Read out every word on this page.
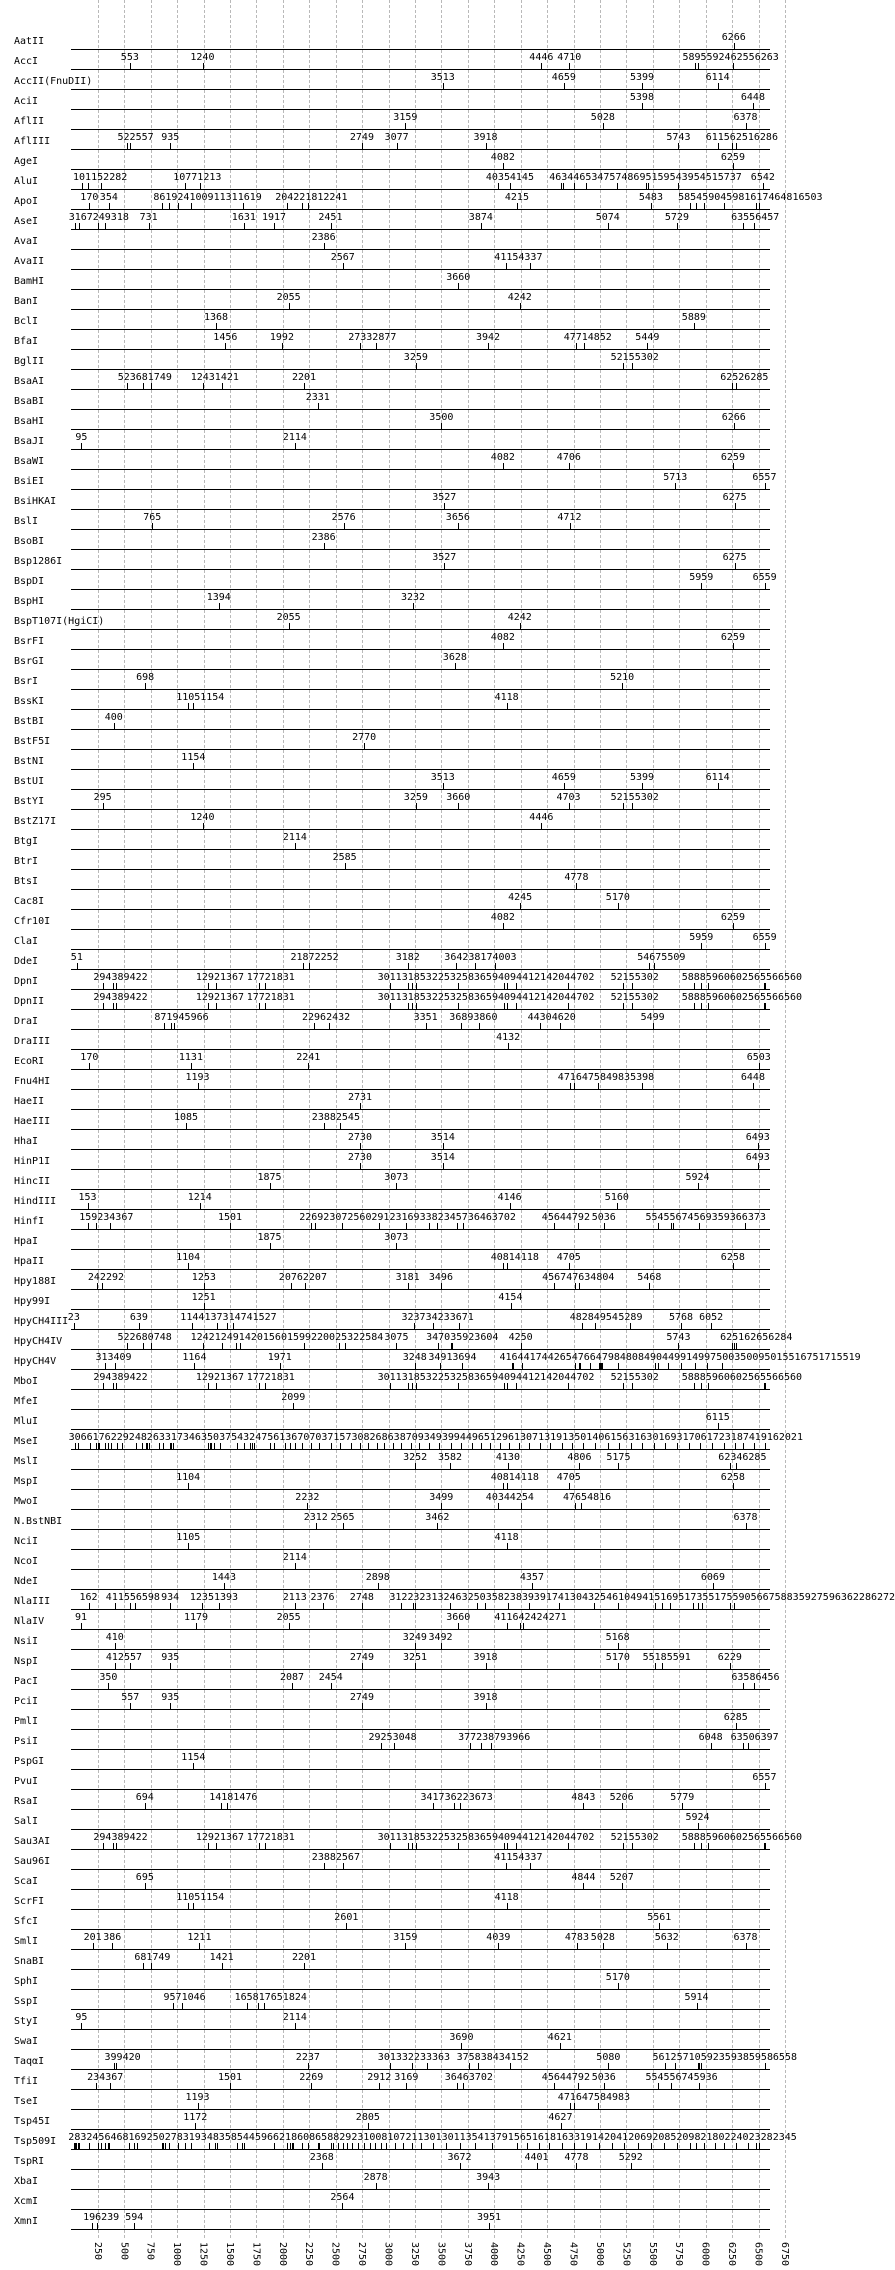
AatII	6266
AccI	553	1240	4446 4710	5895 5924 6255 6263
AccII(FnuDII)	3513	4659	5399	6114
AciI	5398	6448
AflII	3159	5028	6378
AflIII	522 557 935	2749 3077	3918	5743 6115 6251 6286
AgeI	4082	6259
AluI	101 152 282	1077 1213	4035 4145 4634 4653 4757 4869 5159 5439 5451 5737 6542
ApoI	170 354	861 924 1009 1131 1619 2042 2181 2241	4215	5483 5854 5904 5981 6174 6481 6503
AseI	31 67 249 318 731	1631 1917	2451	3874	5074	5729	6355 6457
AvaI	2386
AvaII	2567	4115 4337
BamHI	3660
BanI	2055	4242
BclI	1368	5889
BfaI	1456	1992	2733 2877	3942	4771 4852 5449
BglII	3259	5215 5302
BsaAI	523 681 749 1243 1421	2201	6252 6285
BsaBI	2331
BsaHI	3500	6266
BsaJI	95	2114
BsaWI	4082	4706	6259
BsiEI	5713	6557
BsiHKAI	3527	6275
BslI	765	2576	3656	4712
BsoBI	2386
Bsp1286I	3527	6275
BspDI	5959	6559
BspHI	1394	3232
BspT107I(HgiCI)	2055	4242
BsrFI	4082	6259
BsrGI	3628
BsrI	698	5210
BssKI	1105 1154	4118
BstBI	400
BstF5I	2770
BstNI	1154
BstUI	3513	4659	5399	6114
BstYI	295	3259 3660	4703	5215 5302
BstZ17I	1240	4446
BtgI	2114
BtrI	2585
BtsI	4778
Cac8I	4245	5170
Cfr10I	4082	6259
ClaI	5959	6559
DdeI	51	2187 2252	3182 3642 3817 4003	5467 5509
DpnI	294 389 422	1292 1367 1772 1831	3011 3185 3225 3258 3659 4094 4121 4204 4702 5215 5302 5888 5960 6025 6556 6560
DpnII	294 389 422	1292 1367 1772 1831	3011 3185 3225 3258 3659 4094 4121 4204 4702 5215 5302 5888 5960 6025 6556 6560
DraI	871 945 966	2296 2432	3351 3689 3860	4430 4620	5499
DraIII	4132
EcoRI	170	1131	2241	6503
Fnu4HI	1193	4716 4758 4983 5398	6448
HaeII	2731
HaeIII	1085	2388 2545
HhaI	2730	3514	6493
HinP1I	2730	3514	6493
HincII	1875	3073	5924
HindIII 153	1214	4146	5160
HinfI	159 234 367	1501	2269 2307 2560 2912 3169 3382 3457 3646 3702	4564 4792 5036	5545 5674 5693 5936 6373
HpaI	1875	3073
HpaII	1104	4081 4118 4705	6258
Hpy188I	242 292	1253	2076 2207	3181 3496	4567 4763 4804 5468
Hpy99I	1251	4154
HpyCH4III 23	639	1144 1373 1474 1527	3237 3423 3671	4828 4954 5289	5768 6052
HpyCH4IV	522 680 748 1242 1249 1420 1560 1599 2200 2532 2584 3075 3470 3592 3604 4250	5743	6251 6265 6284
HpyCH4V	313 409	1164	1971	3248 3491 3694 4164 4174 4265 4766 4798 4808 4904 4991 4997 5003 5009 5015 5167 5171 5519
MboI	294 389 422	1292 1367 1772 1831	3011 3185 3225 3258 3659 4094 4121 4204 4702 5215 5302 5888 5960 6025 6556 6560
MfeI	2099
MluI	6115
MseI	30 66 176 229 248 263 317 346 350 375 432 475 613 670 703 715 730 826 863 870 934 939 944 965 1296 1307 1319 1350 1406 1563 1630 1693 1706 1723 1874 1916 2021
MslI	3252 3582	4130	4806 5175	6234 6285
MspI	1104	4081 4118 4705	6258
MwoI	2232	3499	4034 4254	4765 4816
N.BstNBI	2312 2565	3462	6378
NciI	1105	4118
NcoI	2114
NdeI	1443	2898	4357	6069
NlaIII	162 411 556 598 934 1235 1393	2113 2376 2748 3122 3231 3246 3250 3582 3839 3917 4130 4325 4610 4941 5169 5173 5517 5590 5667 5883 5927 5963 6228 6272
NlaIV	91	1179	2055	3660 4116 4242 4271
NsiI	410	3249 3492	5168
NspI	412 557 935	2749	3251	3918	5170 5518 5591	6229
PacI	350	2087 2454	6358 6456
PciI	557 935	2749	3918
PmlI	6285
PsiI	2925 3048	3772 3879 3966	6048 6350 6397
PspGI	1154
PvuI	6557
RsaI	694	1418 1476	3417 3622 3673	4843 5206	5779
SalI	5924
Sau3AI	294 389 422	1292 1367 1772 1831	3011 3185 3225 3258 3659 4094 4121 4204 4702 5215 5302 5888 5960 6025 6556 6560
Sau96I	2388 2567	4115 4337
ScaI	695	4844 5207
ScrFI	1105 1154	4118
SfcI	2601	5561
SmlI	201 386	1211	3159	4039	4783 5028	5632	6378
SnaBI	681 749	1421	2201
SphI	5170
SspI	957 1046	1658 1765 1824	5914
StyI	95	2114
SwaI	3690	4621
TaqαI	399 420	2237	3013 3223 3363 3758 3843 4152	5080	5612 5710 5923 5938 5958 6558
TfiI	234 367	1501	2269	2912 3169	3646 3702	4564 4792 5036	5545 5674 5936
TseI	1193	4716 4758 4983
Tsp45I	1172	2805	4627
Tsp509I 28 32 45 64 68 169 250 278 319 348 358 544 596 621 860 865 882 923 1008 1072 1130 1301 1354 1379 1565 1618 1633 1914 2041 2069 2085 2098 2180 2240 2328 2345
TspRI	2368	3672	4401 4778	5292
XbaI	2878	3943
XcmI	2564
XmnI	196 239 594	3951
250 500 750 1000 1250 1500 1750 2000 2250 2500 2750 3000 3250 3500 3750 4000 4250 4500 4750 5000 5250 5500 5750 6000 6250 6500 6750
